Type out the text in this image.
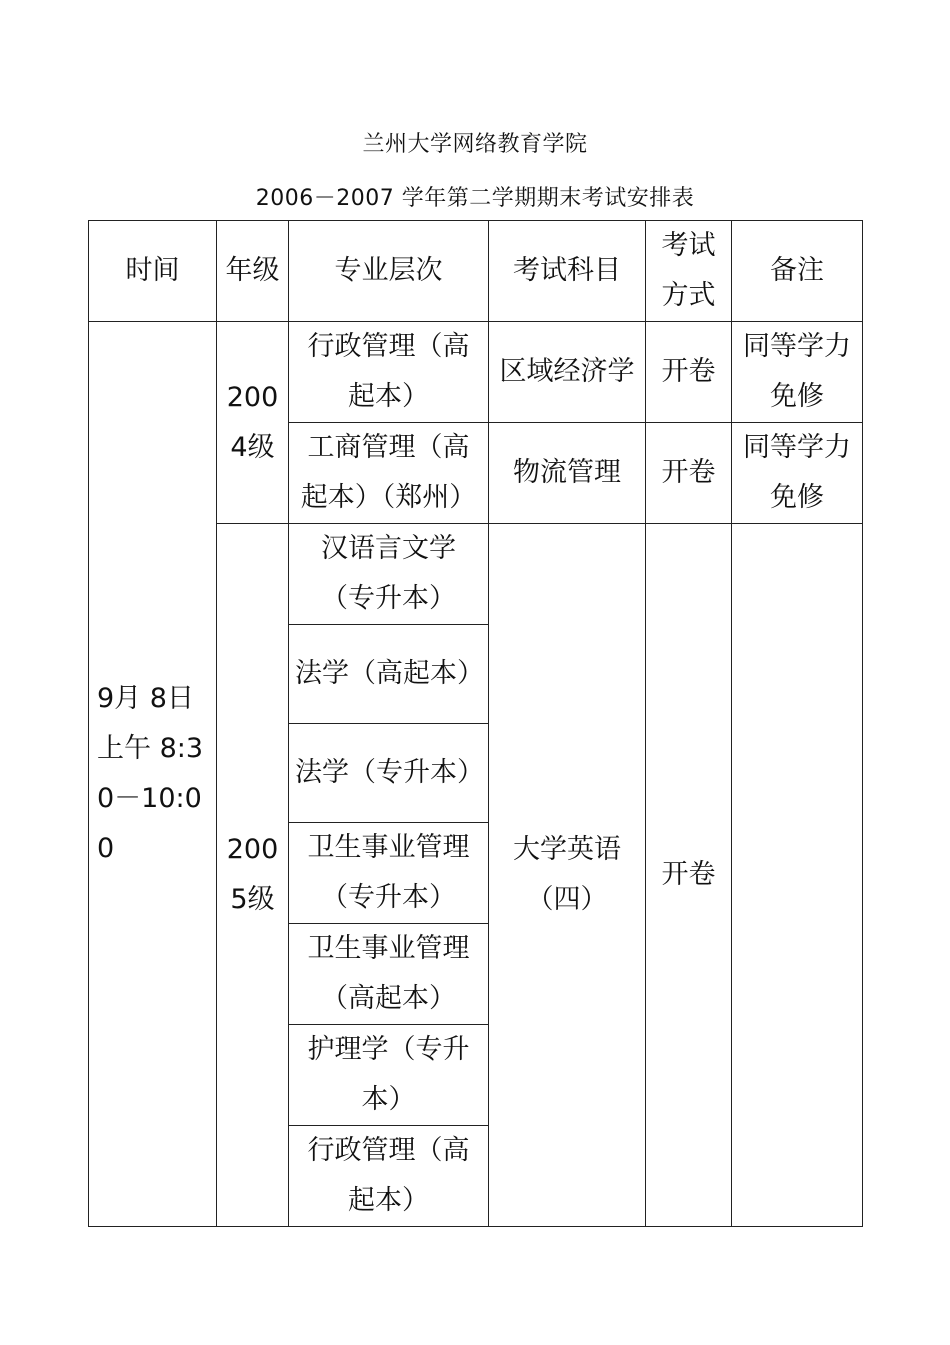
兰州大学网络教育学院
2006－2007 学年第二学期期末考试安排表
时间	年级	专业层次	考试科目	考试方式	备注
9月 8日上午 8:30－10:00	2004级	行政管理（高起本）	区域经济学	开卷	同等学力免修
		工商管理（高起本）（郑州）	物流管理	开卷	同等学力免修
	2005级	汉语言文学（专升本）	大学英语（四）	开卷	
		法学（高起本）			
		法学（专升本）			
		卫生事业管理（专升本）			
		卫生事业管理（高起本）			
		护理学（专升本）			
		行政管理（高起本）			
